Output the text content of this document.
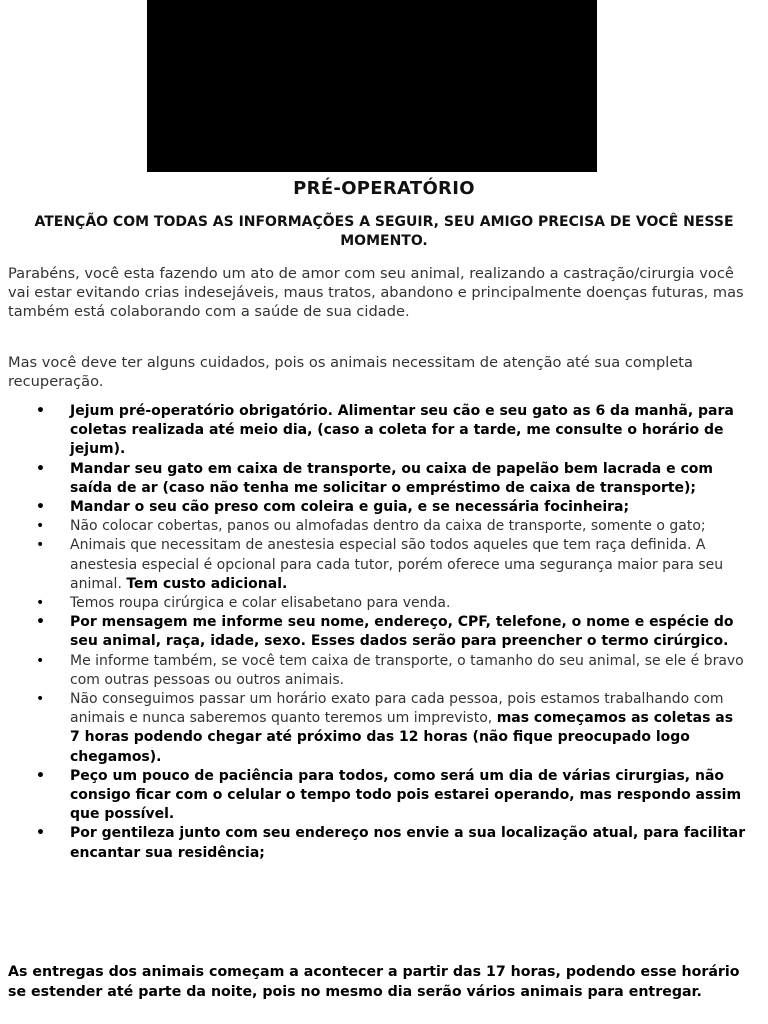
PRÉ-OPERATÓRIO
ATENÇÃO COM TODAS AS INFORMAÇÕES A SEGUIR, SEU AMIGO PRECISA DE VOCÊ NESSE MOMENTO.

Parabéns, você esta fazendo um ato de amor com seu animal, realizando a castração/cirurgia você vai estar evitando crias indesejáveis, maus tratos, abandono e principalmente doenças futuras, mas também está colaborando com a saúde de sua cidade.

Mas você deve ter alguns cuidados, pois os animais necessitam de atenção até sua completa recuperação.

• Jejum pré-operatório obrigatório. Alimentar seu cão e seu gato as 6 da manhã, para coletas realizada até meio dia, (caso a coleta for a tarde, me consulte o horário de jejum).
• Mandar seu gato em caixa de transporte, ou caixa de papelão bem lacrada e com saída de ar (caso não tenha me solicitar o empréstimo de caixa de transporte);
• Mandar o seu cão preso com coleira e guia, e se necessária focinheira;
• Não colocar cobertas, panos ou almofadas dentro da caixa de transporte, somente o gato;
• Animais que necessitam de anestesia especial são todos aqueles que tem raça definida. A anestesia especial é opcional para cada tutor, porém oferece uma segurança maior para seu animal. Tem custo adicional.
• Temos roupa cirúrgica e colar elisabetano para venda.
• Por mensagem me informe seu nome, endereço, CPF, telefone, o nome e espécie do seu animal, raça, idade, sexo. Esses dados serão para preencher o termo cirúrgico.
• Me informe também, se você tem caixa de transporte, o tamanho do seu animal, se ele é bravo com outras pessoas ou outros animais.
• Não conseguimos passar um horário exato para cada pessoa, pois estamos trabalhando com animais e nunca saberemos quanto teremos um imprevisto, mas começamos as coletas as 7 horas podendo chegar até próximo das 12 horas (não fique preocupado logo chegamos).
• Peço um pouco de paciência para todos, como será um dia de várias cirurgias, não consigo ficar com o celular o tempo todo pois estarei operando, mas respondo assim que possível.
• Por gentileza junto com seu endereço nos envie a sua localização atual, para facilitar encantar sua residência;

As entregas dos animais começam a acontecer a partir das 17 horas, podendo esse horário se estender até parte da noite, pois no mesmo dia serão vários animais para entregar.
